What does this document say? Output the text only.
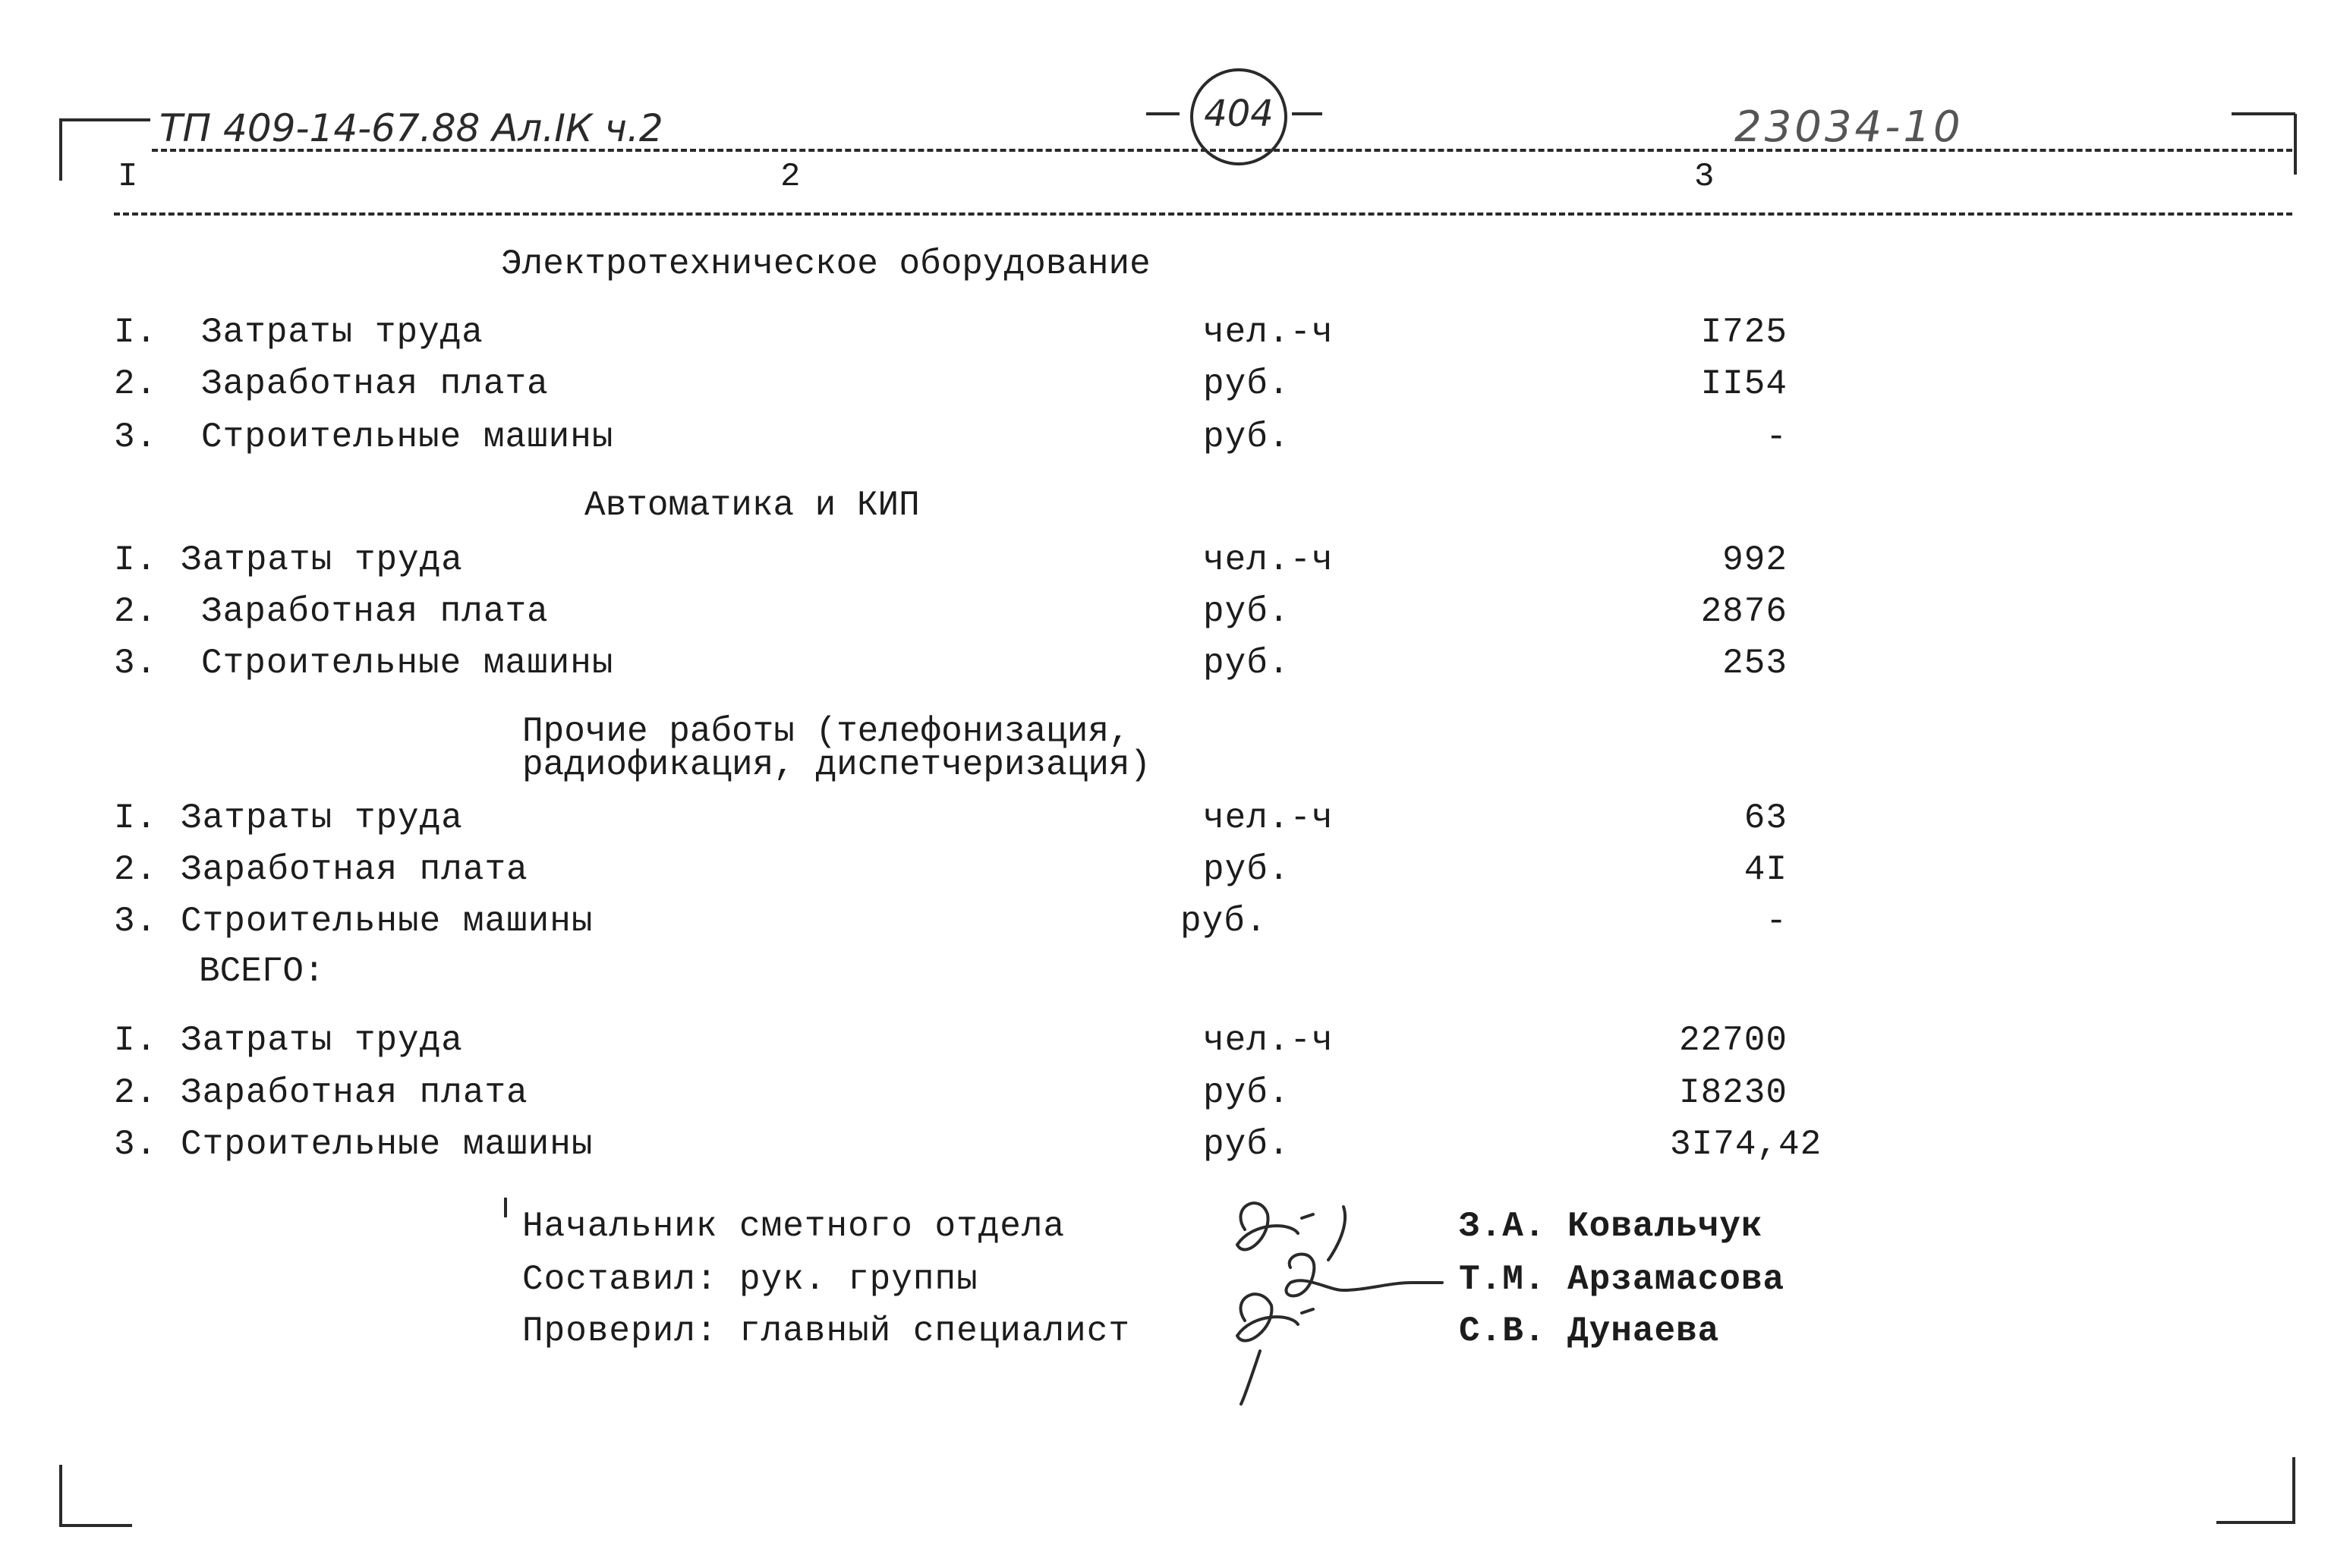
ТП 409-14-67.88 Ал.IК ч.2	404	23034-10
I	2	3
Электротехническое оборудование
I. Затраты труда	чел.-ч	I725
2. Заработная плата	руб.	II54
3. Строительные машины	руб.	-
Автоматика и КИП
I. Затраты труда	чел.-ч	992
2. Заработная плата	руб.	2876
3. Строительные машины	руб.	253
Прочие работы (телефонизация,
радиофикация, диспетчеризация)
I. Затраты труда	чел.-ч	63
2. Заработная плата	руб.	4I
3. Строительные машины	руб.	-
ВСЕГО:
I. Затраты труда	чел.-ч	22700
2. Заработная плата	руб.	I8230
3. Строительные машины	руб.	3I74,42
Начальник сметного отдела	З.А. Ковальчук
Составил: рук. группы	Т.М. Арзамасова
Проверил: главный специалист	С.В. Дунаева
